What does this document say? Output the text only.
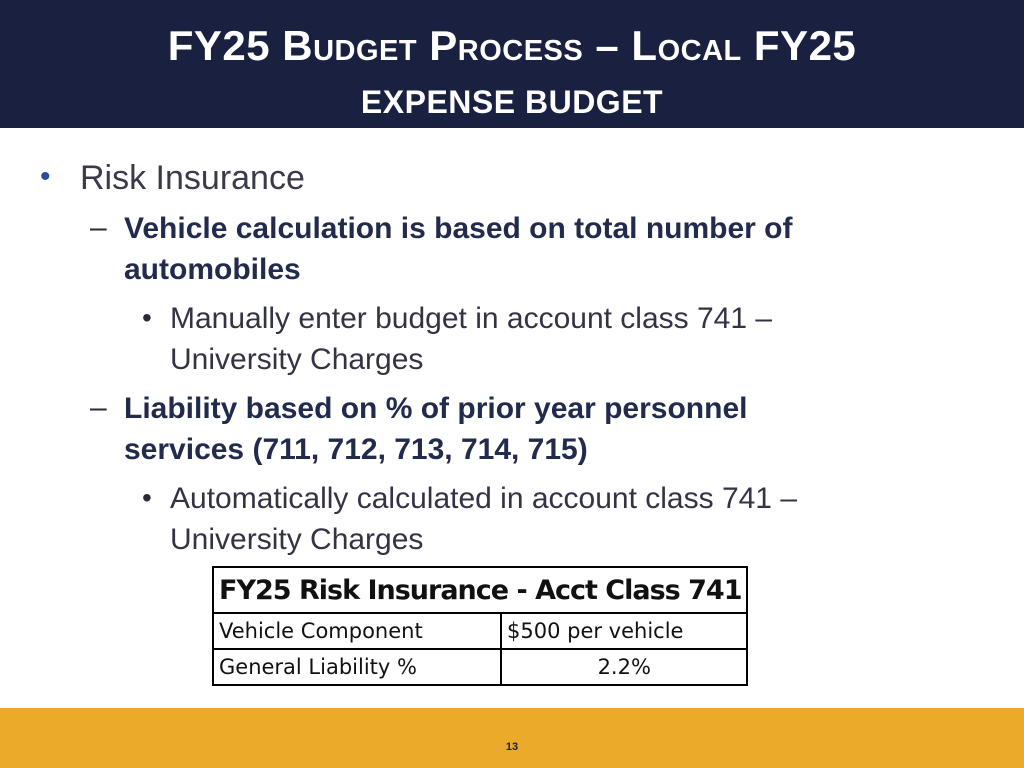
FY25 Budget Process – Local FY25
EXPENSE BUDGET
• Risk Insurance
– Vehicle calculation is based on total number of
automobiles
• Manually enter budget in account class 741 –
University Charges
– Liability based on % of prior year personnel
services (711, 712, 713, 714, 715)
• Automatically calculated in account class 741 –
University Charges
FY25 Risk Insurance - Acct Class 741	
Vehicle Component	$500 per vehicle
General Liability %	2.2%
13
